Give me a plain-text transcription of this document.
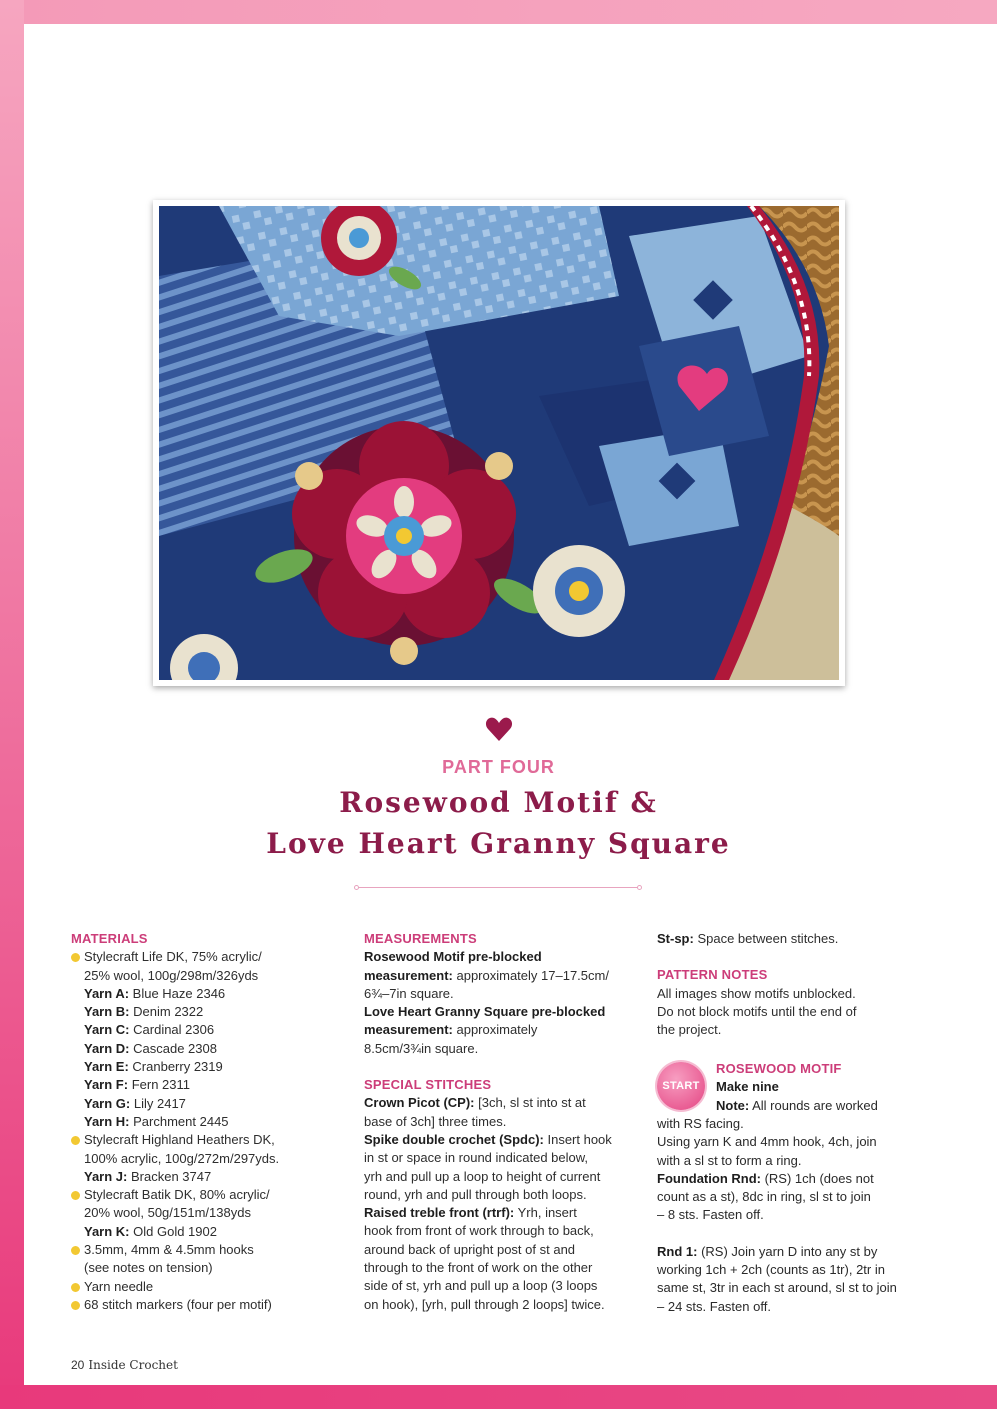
PART FOUR
Rosewood Motif &
Love Heart Granny Square
MATERIALS
Stylecraft Life DK, 75% acrylic/
25% wool, 100g/298m/326yds
Yarn A: Blue Haze 2346
Yarn B: Denim 2322
Yarn C: Cardinal 2306
Yarn D: Cascade 2308
Yarn E: Cranberry 2319
Yarn F: Fern 2311
Yarn G: Lily 2417
Yarn H: Parchment 2445
Stylecraft Highland Heathers DK,
100% acrylic, 100g/272m/297yds.
Yarn J: Bracken 3747
Stylecraft Batik DK, 80% acrylic/
20% wool, 50g/151m/138yds
Yarn K: Old Gold 1902
3.5mm, 4mm & 4.5mm hooks
(see notes on tension)
Yarn needle
68 stitch markers (four per motif)
MEASUREMENTS
Rosewood Motif pre-blocked
measurement: approximately 17–17.5cm/
6¾–7in square.
Love Heart Granny Square pre-blocked
measurement: approximately
8.5cm/3¾in square.
SPECIAL STITCHES
Crown Picot (CP): [3ch, sl st into st at
base of 3ch] three times.
Spike double crochet (Spdc): Insert hook
in st or space in round indicated below,
yrh and pull up a loop to height of current
round, yrh and pull through both loops.
Raised treble front (rtrf): Yrh, insert
hook from front of work through to back,
around back of upright post of st and
through to the front of work on the other
side of st, yrh and pull up a loop (3 loops
on hook), [yrh, pull through 2 loops] twice.
St-sp: Space between stitches.
PATTERN NOTES
All images show motifs unblocked.
Do not block motifs until the end of
the project.
START
ROSEWOOD MOTIF
Make nine
Note: All rounds are worked
with RS facing.
Using yarn K and 4mm hook, 4ch, join
with a sl st to form a ring.
Foundation Rnd: (RS) 1ch (does not
count as a st), 8dc in ring, sl st to join
– 8 sts. Fasten off.
Rnd 1: (RS) Join yarn D into any st by
working 1ch + 2ch (counts as 1tr), 2tr in
same st, 3tr in each st around, sl st to join
– 24 sts. Fasten off.
20 Inside Crochet
